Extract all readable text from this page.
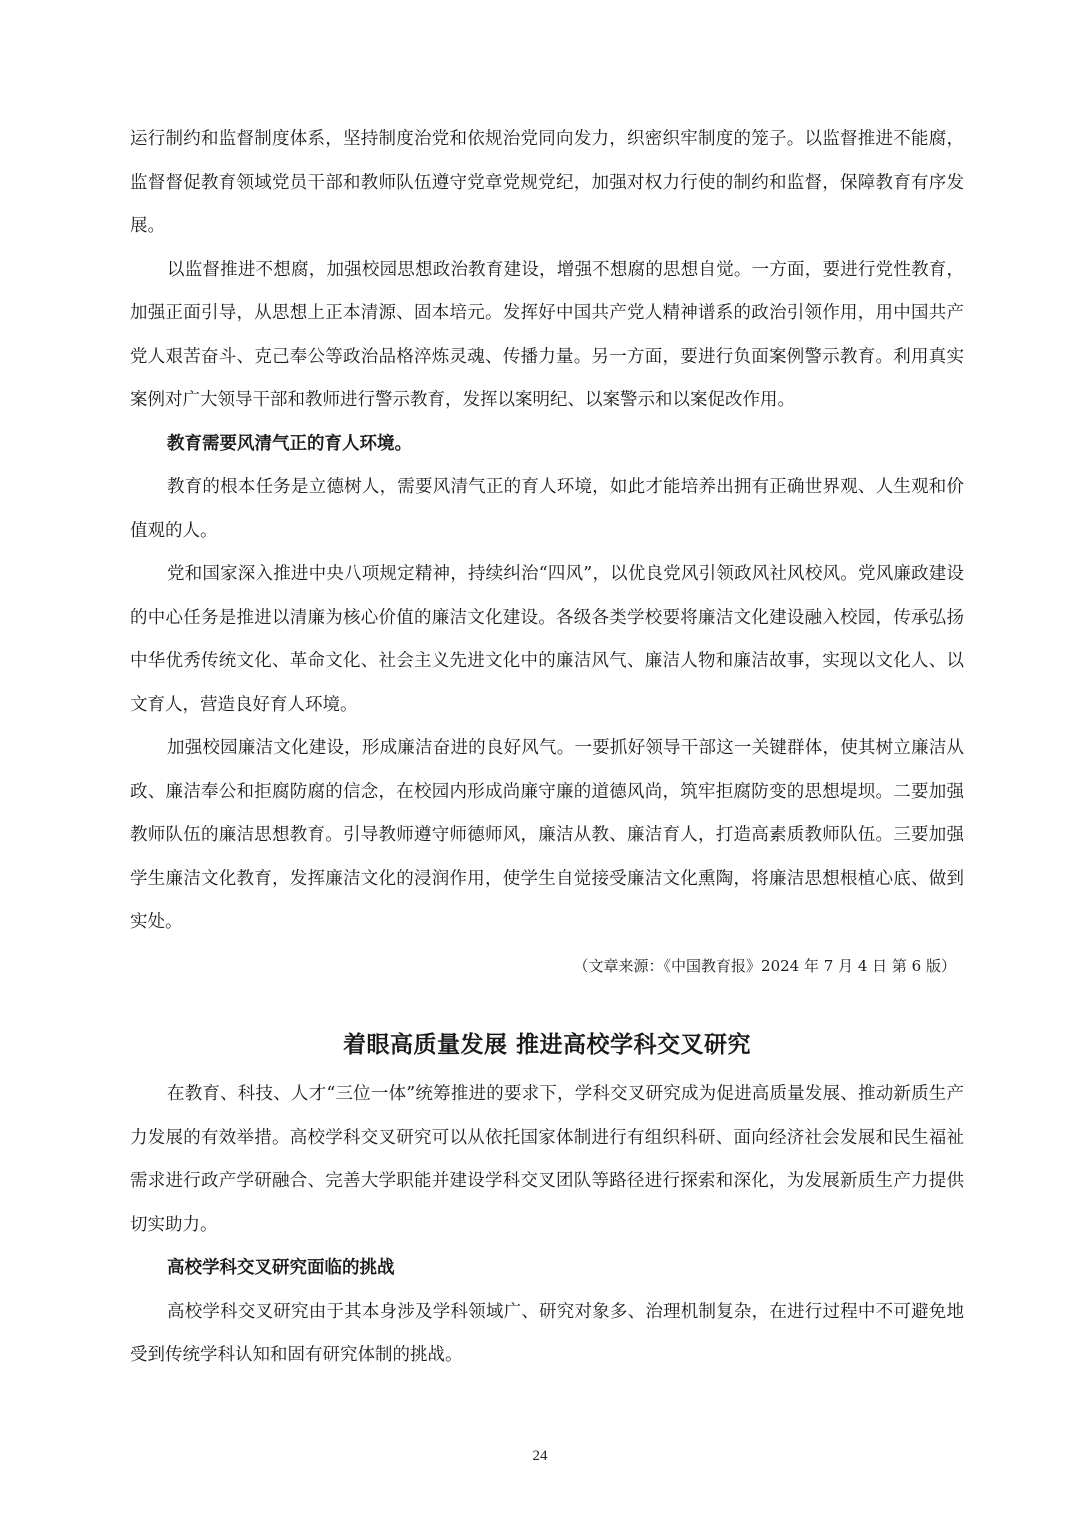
运行制约和监督制度体系，坚持制度治党和依规治党同向发力，织密织牢制度的笼子。以监督推进不能腐，监督督促教育领域党员干部和教师队伍遵守党章党规党纪，加强对权力行使的制约和监督，保障教育有序发展。

以监督推进不想腐，加强校园思想政治教育建设，增强不想腐的思想自觉。一方面，要进行党性教育，加强正面引导，从思想上正本清源、固本培元。发挥好中国共产党人精神谱系的政治引领作用，用中国共产党人艰苦奋斗、克己奉公等政治品格淬炼灵魂、传播力量。另一方面，要进行负面案例警示教育。利用真实案例对广大领导干部和教师进行警示教育，发挥以案明纪、以案警示和以案促改作用。

教育需要风清气正的育人环境。

教育的根本任务是立德树人，需要风清气正的育人环境，如此才能培养出拥有正确世界观、人生观和价值观的人。

党和国家深入推进中央八项规定精神，持续纠治“四风”，以优良党风引领政风社风校风。党风廉政建设的中心任务是推进以清廉为核心价值的廉洁文化建设。各级各类学校要将廉洁文化建设融入校园，传承弘扬中华优秀传统文化、革命文化、社会主义先进文化中的廉洁风气、廉洁人物和廉洁故事，实现以文化人、以文育人，营造良好育人环境。

加强校园廉洁文化建设，形成廉洁奋进的良好风气。一要抓好领导干部这一关键群体，使其树立廉洁从政、廉洁奉公和拒腐防腐的信念，在校园内形成尚廉守廉的道德风尚，筑牢拒腐防变的思想堤坝。二要加强教师队伍的廉洁思想教育。引导教师遵守师德师风，廉洁从教、廉洁育人，打造高素质教师队伍。三要加强学生廉洁文化教育，发挥廉洁文化的浸润作用，使学生自觉接受廉洁文化熏陶，将廉洁思想根植心底、做到实处。

（文章来源：《中国教育报》2024 年 7 月 4 日 第 6 版）

着眼高质量发展 推进高校学科交叉研究

在教育、科技、人才“三位一体”统筹推进的要求下，学科交叉研究成为促进高质量发展、推动新质生产力发展的有效举措。高校学科交叉研究可以从依托国家体制进行有组织科研、面向经济社会发展和民生福祉需求进行政产学研融合、完善大学职能并建设学科交叉团队等路径进行探索和深化，为发展新质生产力提供切实助力。

高校学科交叉研究面临的挑战

高校学科交叉研究由于其本身涉及学科领域广、研究对象多、治理机制复杂，在进行过程中不可避免地受到传统学科认知和固有研究体制的挑战。

24
